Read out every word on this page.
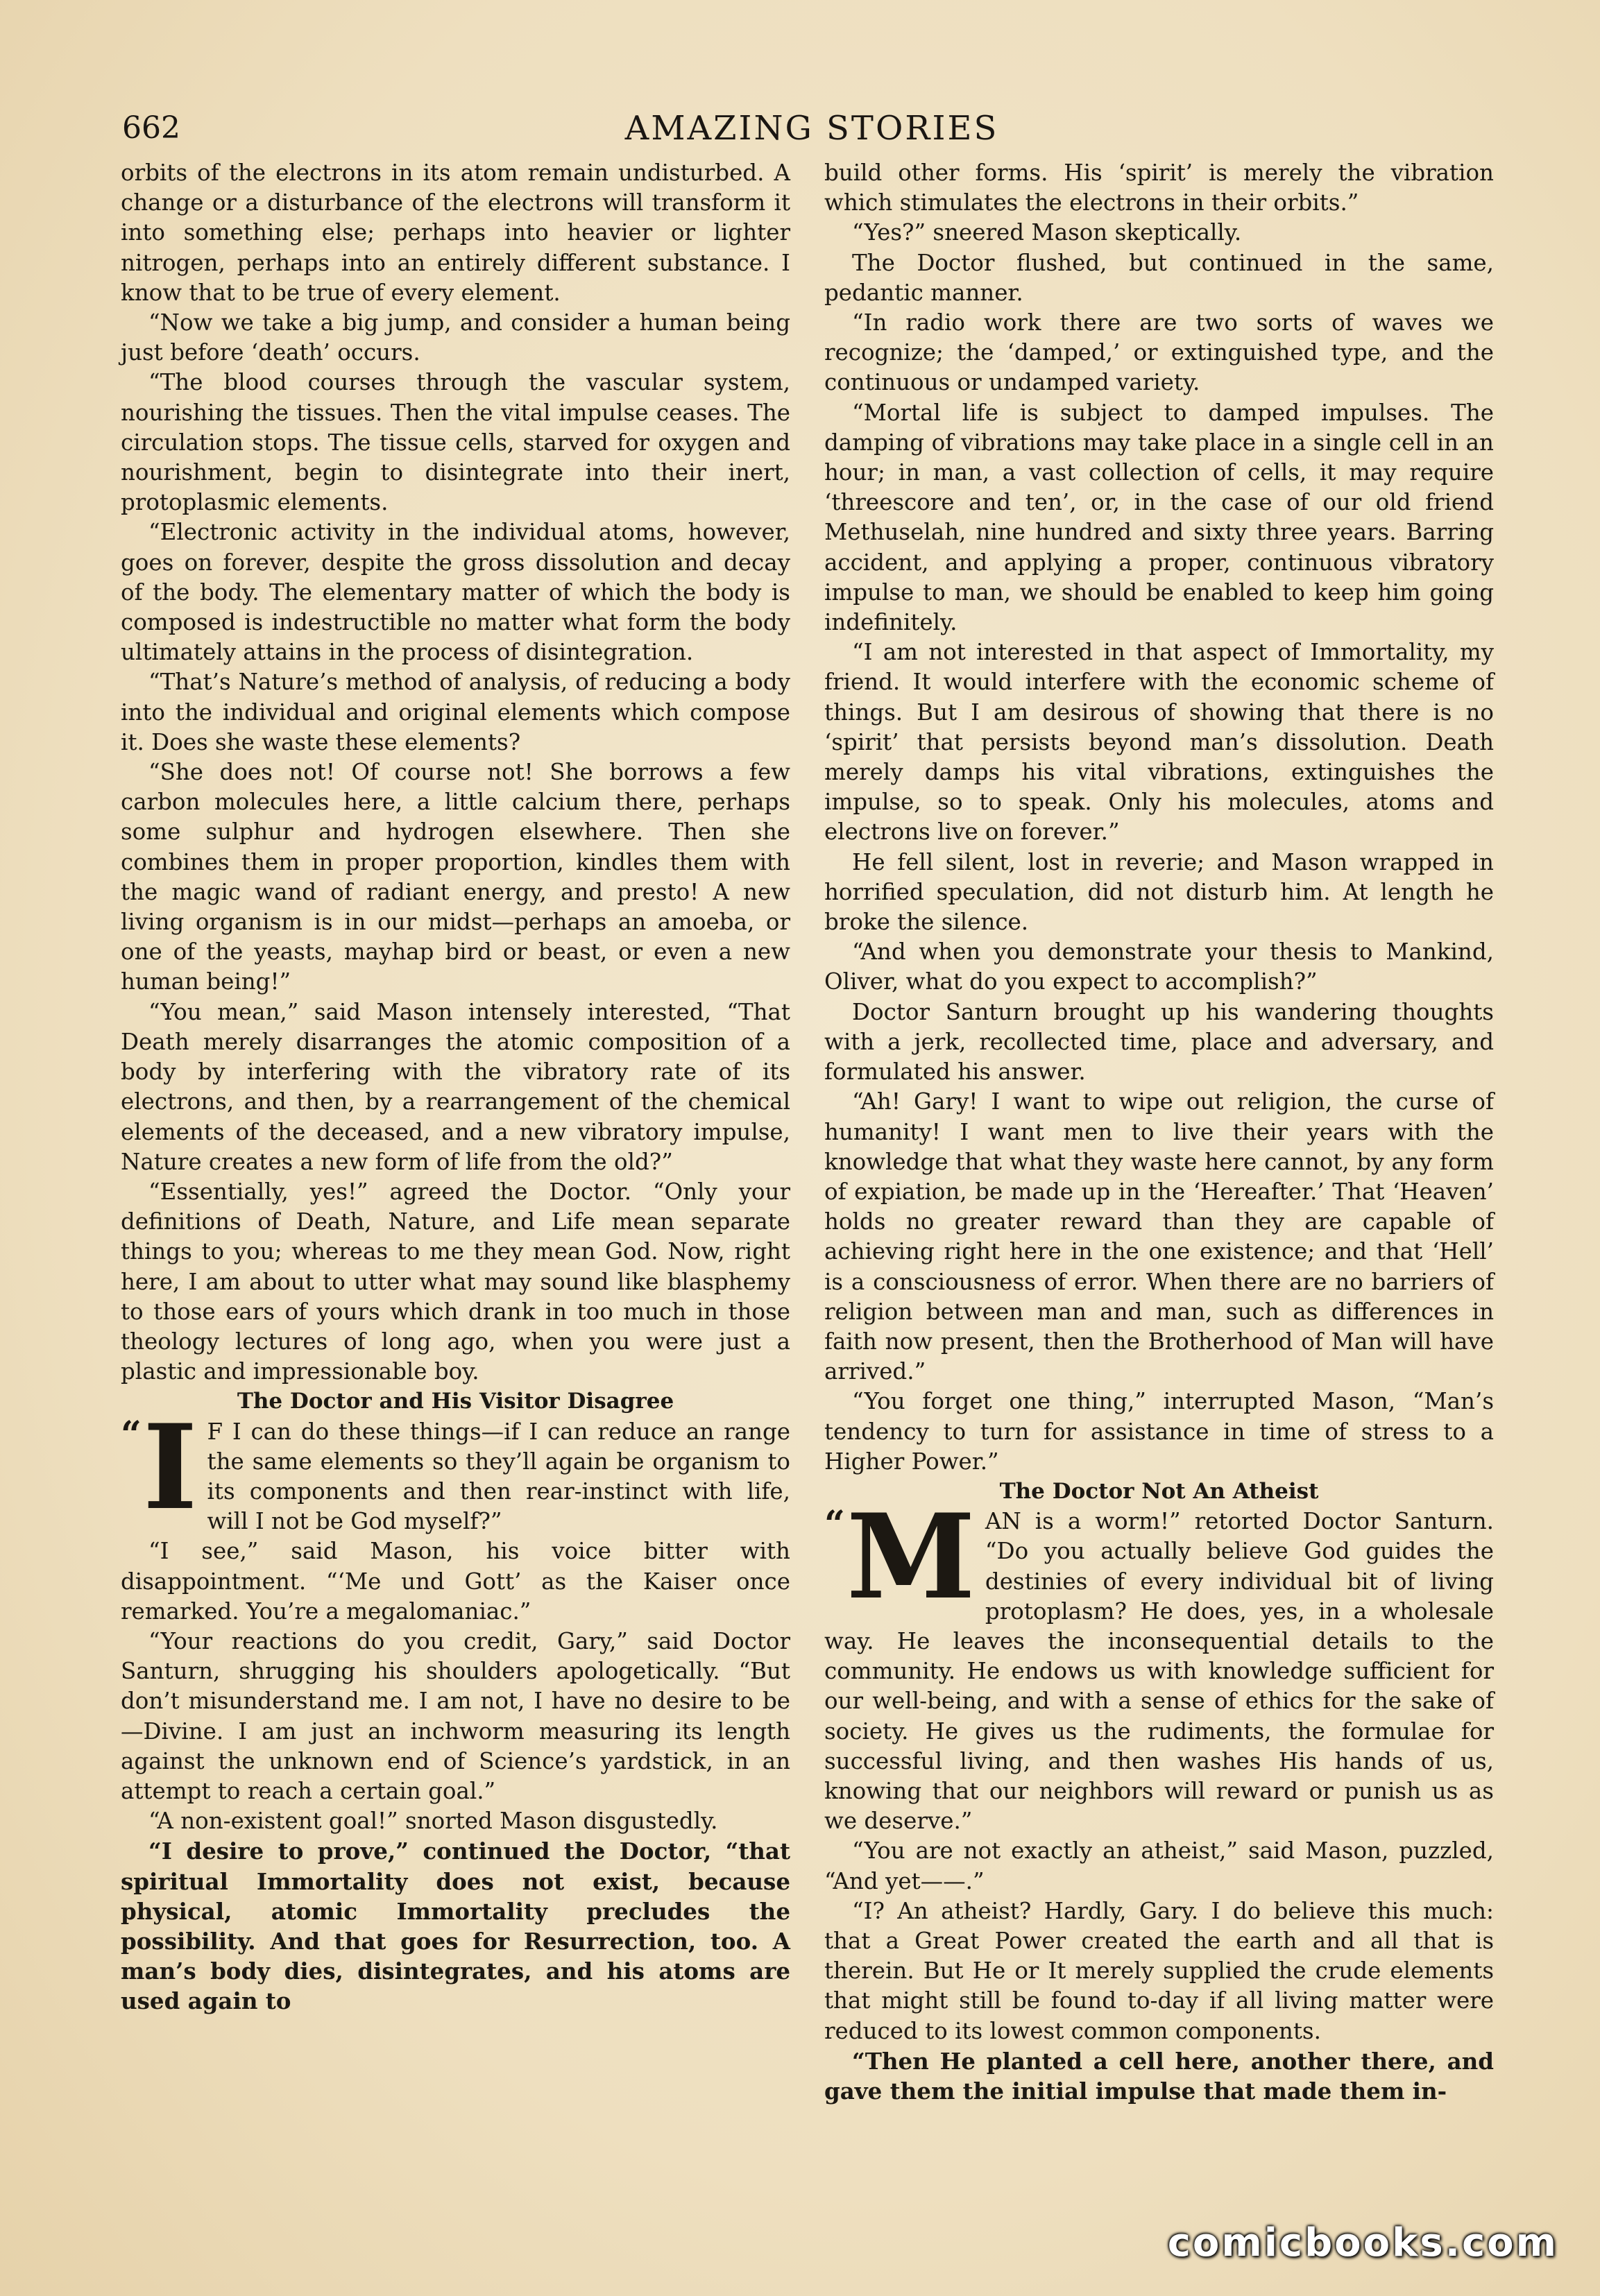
662	AMAZING STORIES

orbits of the electrons in its atom remain undisturbed. A change or a disturbance of the electrons will transform it into something else; perhaps into heavier or lighter nitrogen, perhaps into an entirely different substance. I know that to be true of every element.

“Now we take a big jump, and consider a human being just before ‘death’ occurs.

“The blood courses through the vascular system, nourishing the tissues. Then the vital impulse ceases. The circulation stops. The tissue cells, starved for oxygen and nourishment, begin to disintegrate into their inert, protoplasmic elements.

“Electronic activity in the individual atoms, however, goes on forever, despite the gross dissolution and decay of the body. The elementary matter of which the body is composed is indestructible no matter what form the body ultimately attains in the process of disintegration.

“That’s Nature’s method of analysis, of reducing a body into the individual and original elements which compose it. Does she waste these elements?

“She does not! Of course not! She borrows a few carbon molecules here, a little calcium there, perhaps some sulphur and hydrogen elsewhere. Then she combines them in proper proportion, kindles them with the magic wand of radiant energy, and presto! A new living organism is in our midst—perhaps an amoeba, or one of the yeasts, mayhap bird or beast, or even a new human being!”

“You mean,” said Mason intensely interested, “That Death merely disarranges the atomic composition of a body by interfering with the vibratory rate of its electrons, and then, by a rearrangement of the chemical elements of the deceased, and a new vibratory impulse, Nature creates a new form of life from the old?”

“Essentially, yes!” agreed the Doctor. “Only your definitions of Death, Nature, and Life mean separate things to you; whereas to me they mean God. Now, right here, I am about to utter what may sound like blasphemy to those ears of yours which drank in too much in those theology lectures of long ago, when you were just a plastic and impressionable boy.

The Doctor and His Visitor Disagree

“ I F I can do these things—if I can reduce an range the same elements so they’ll again be organism to its components and then rear-instinct with life, will I not be God myself?”

“I see,” said Mason, his voice bitter with disappointment. “‘Me und Gott’ as the Kaiser once remarked. You’re a megalomaniac.”

“Your reactions do you credit, Gary,” said Doctor Santurn, shrugging his shoulders apologetically. “But don’t misunderstand me. I am not, I have no desire to be—Divine. I am just an inchworm measuring its length against the unknown end of Science’s yardstick, in an attempt to reach a certain goal.”

“A non-existent goal!” snorted Mason disgustedly.

“I desire to prove,” continued the Doctor, “that spiritual Immortality does not exist, because physical, atomic Immortality precludes the possibility. And that goes for Resurrection, too. A man’s body dies, disintegrates, and his atoms are used again to

build other forms. His ‘spirit’ is merely the vibration which stimulates the electrons in their orbits.”

“Yes?” sneered Mason skeptically.

The Doctor flushed, but continued in the same, pedantic manner.

“In radio work there are two sorts of waves we recognize; the ‘damped,’ or extinguished type, and the continuous or undamped variety.

“Mortal life is subject to damped impulses. The damping of vibrations may take place in a single cell in an hour; in man, a vast collection of cells, it may require ‘threescore and ten’, or, in the case of our old friend Methuselah, nine hundred and sixty three years. Barring accident, and applying a proper, continuous vibratory impulse to man, we should be enabled to keep him going indefinitely.

“I am not interested in that aspect of Immortality, my friend. It would interfere with the economic scheme of things. But I am desirous of showing that there is no ‘spirit’ that persists beyond man’s dissolution. Death merely damps his vital vibrations, extinguishes the impulse, so to speak. Only his molecules, atoms and electrons live on forever.”

He fell silent, lost in reverie; and Mason wrapped in horrified speculation, did not disturb him. At length he broke the silence.

“And when you demonstrate your thesis to Mankind, Oliver, what do you expect to accomplish?”

Doctor Santurn brought up his wandering thoughts with a jerk, recollected time, place and adversary, and formulated his answer.

“Ah! Gary! I want to wipe out religion, the curse of humanity! I want men to live their years with the knowledge that what they waste here cannot, by any form of expiation, be made up in the ‘Hereafter.’ That ‘Heaven’ holds no greater reward than they are capable of achieving right here in the one existence; and that ‘Hell’ is a consciousness of error. When there are no barriers of religion between man and man, such as differences in faith now present, then the Brotherhood of Man will have arrived.”

“You forget one thing,” interrupted Mason, “Man’s tendency to turn for assistance in time of stress to a Higher Power.”

The Doctor Not An Atheist

“ M AN is a worm!” retorted Doctor Santurn. “Do you actually believe God guides the destinies of every individual bit of living protoplasm? He does, yes, in a wholesale way. He leaves the inconsequential details to the community. He endows us with knowledge sufficient for our well-being, and with a sense of ethics for the sake of society. He gives us the rudiments, the formulae for successful living, and then washes His hands of us, knowing that our neighbors will reward or punish us as we deserve.”

“You are not exactly an atheist,” said Mason, puzzled, “And yet——.”

“I? An atheist? Hardly, Gary. I do believe this much: that a Great Power created the earth and all that is therein. But He or It merely supplied the crude elements that might still be found to-day if all living matter were reduced to its lowest common components.

“Then He planted a cell here, another there, and gave them the initial impulse that made them in-

comicbooks.com
